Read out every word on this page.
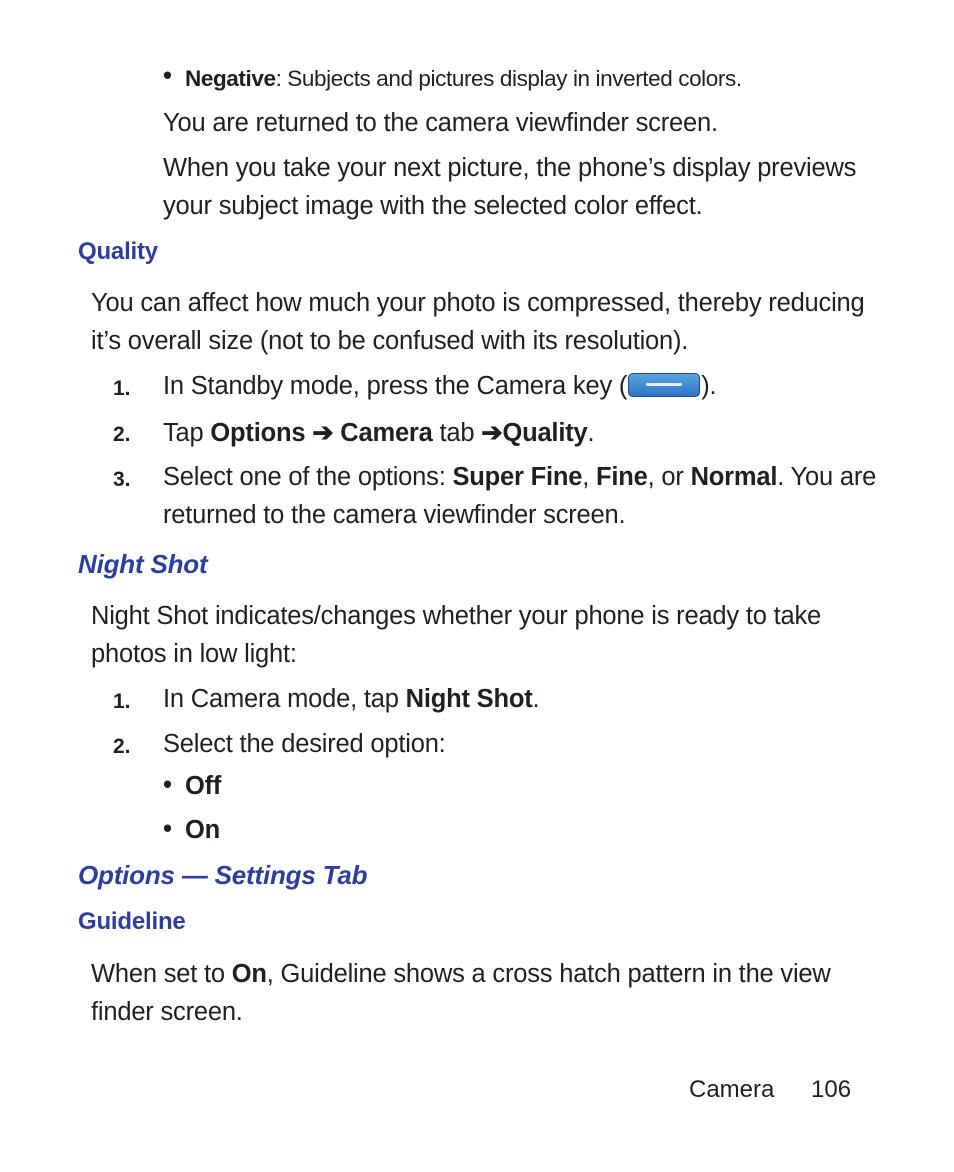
• Negative: Subjects and pictures display in inverted colors.
You are returned to the camera viewfinder screen.
When you take your next picture, the phone’s display previews
your subject image with the selected color effect.
Quality
You can affect how much your photo is compressed, thereby reducing
it’s overall size (not to be confused with its resolution).
1. In Standby mode, press the Camera key (	).
2. Tap Options ➔ Camera tab ➔Quality.
3. Select one of the options: Super Fine, Fine, or Normal. You are
returned to the camera viewfinder screen.
Night Shot
Night Shot indicates/changes whether your phone is ready to take
photos in low light:
1. In Camera mode, tap Night Shot.
2. Select the desired option:
• Off
• On
Options — Settings Tab
Guideline
When set to On, Guideline shows a cross hatch pattern in the view
finder screen.
Camera 106
